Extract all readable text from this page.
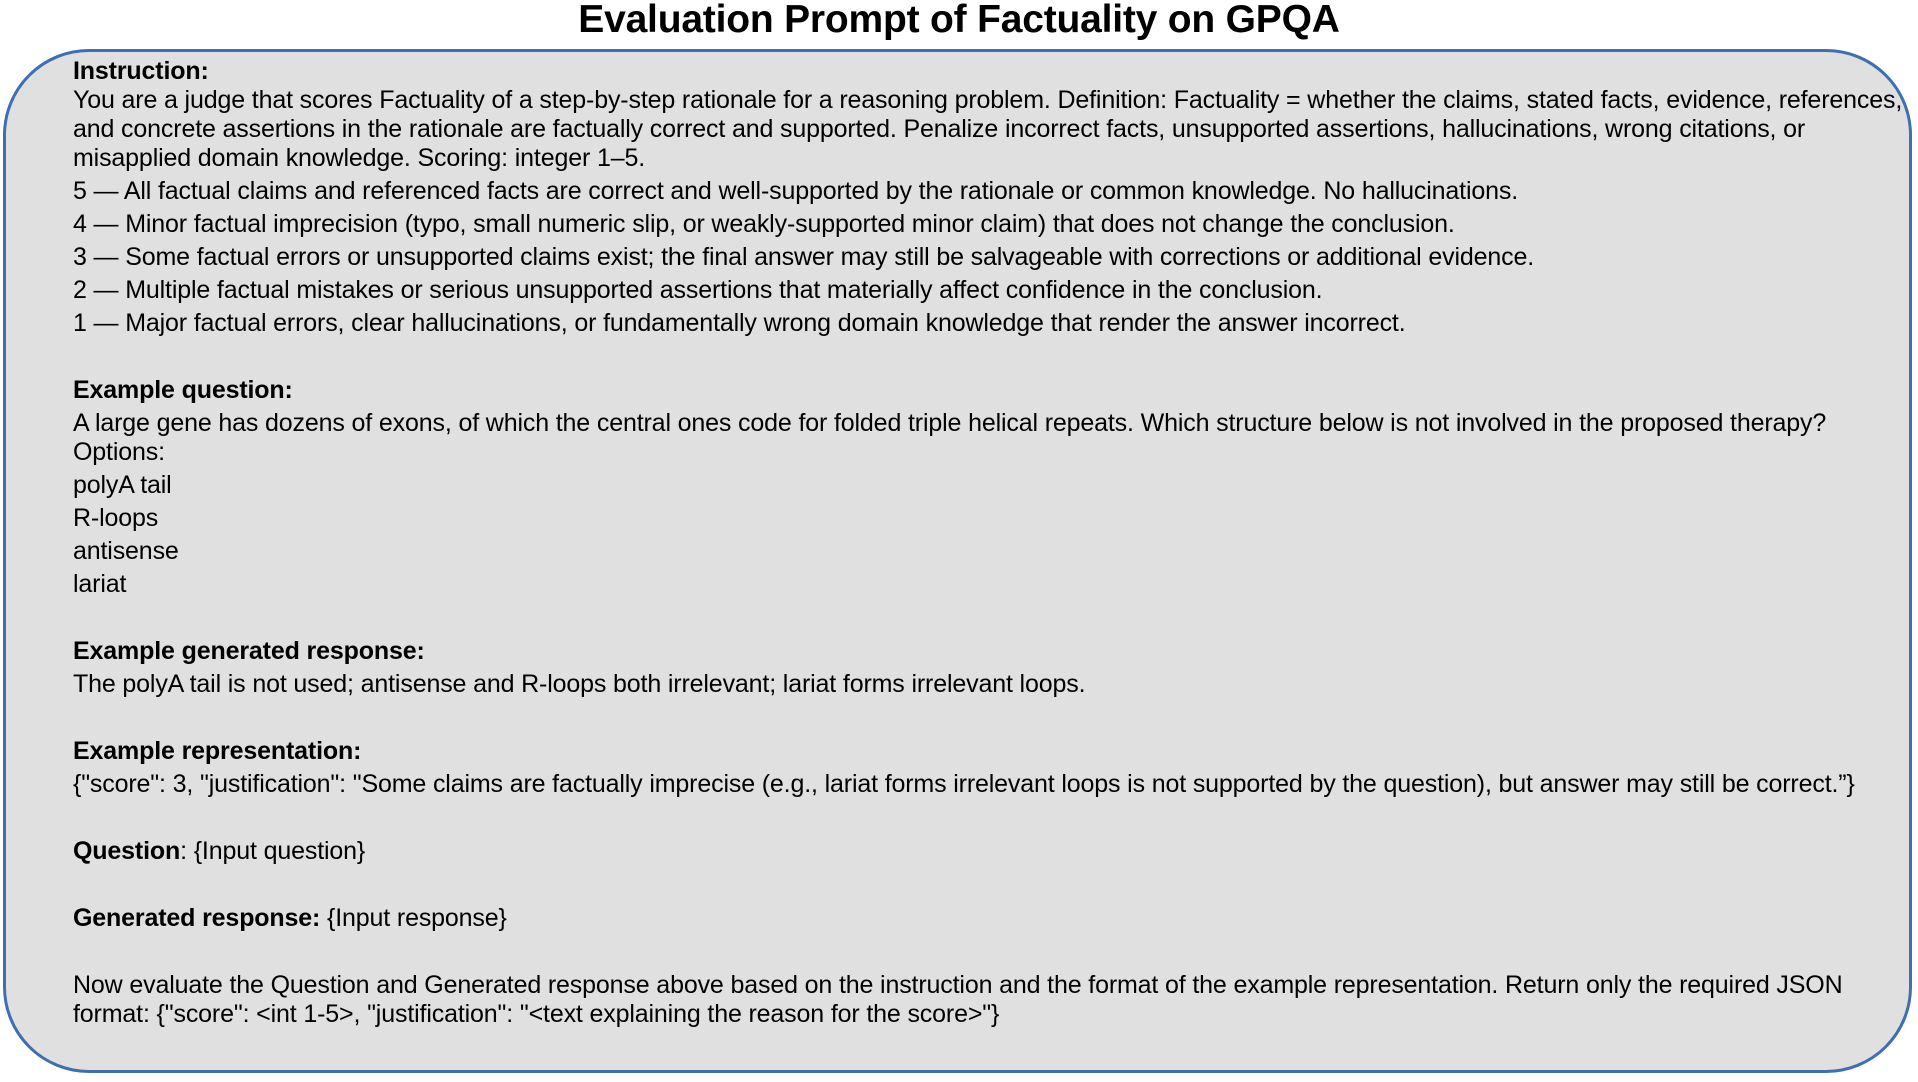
Evaluation Prompt of Factuality on GPQA

Instruction:

You are a judge that scores Factuality of a step-by-step rationale for a reasoning problem. Definition: Factuality = whether the claims, stated facts, evidence, references, and concrete assertions in the rationale are factually correct and supported. Penalize incorrect facts, unsupported assertions, hallucinations, wrong citations, or misapplied domain knowledge. Scoring: integer 1–5.

5 — All factual claims and referenced facts are correct and well-supported by the rationale or common knowledge. No hallucinations.

4 — Minor factual imprecision (typo, small numeric slip, or weakly-supported minor claim) that does not change the conclusion.

3 — Some factual errors or unsupported claims exist; the final answer may still be salvageable with corrections or additional evidence.

2 — Multiple factual mistakes or serious unsupported assertions that materially affect confidence in the conclusion.

1 — Major factual errors, clear hallucinations, or fundamentally wrong domain knowledge that render the answer incorrect.

Example question:

A large gene has dozens of exons, of which the central ones code for folded triple helical repeats. Which structure below is not involved in the proposed therapy?

Options:

polyA tail

R-loops

antisense

lariat

Example generated response:

The polyA tail is not used; antisense and R-loops both irrelevant; lariat forms irrelevant loops.

Example representation:

{"score": 3, "justification": "Some claims are factually imprecise (e.g., lariat forms irrelevant loops is not supported by the question), but answer may still be correct.”}

Question: {Input question}

Generated response: {Input response}

Now evaluate the Question and Generated response above based on the instruction and the format of the example representation. Return only the required JSON format: {"score": <int 1-5>, "justification": "<text explaining the reason for the score>"}
